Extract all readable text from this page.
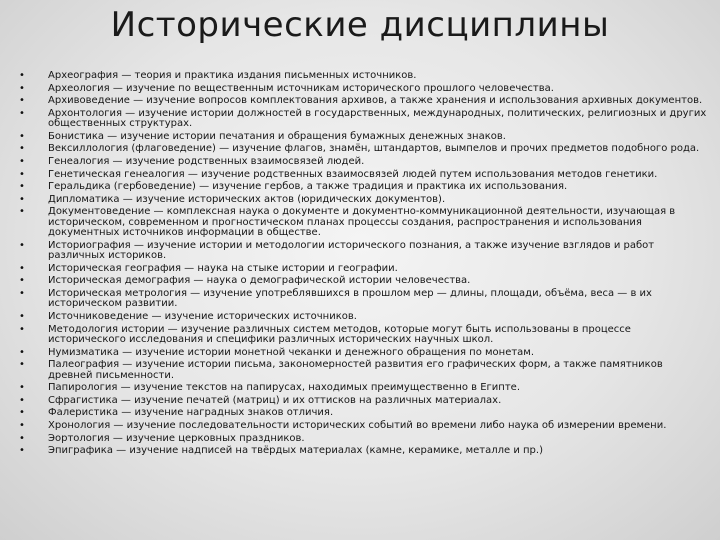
Исторические дисциплины
•	Археография — теория и практика издания письменных источников.
•	Археология — изучение по вещественным источникам исторического прошлого человечества.
•	Архивоведение — изучение вопросов комплектования архивов, а также хранения и использования архивных документов.
•	Архонтология — изучение истории должностей в государственных, международных, политических, религиозных и других общественных структурах.
•	Бонистика — изучение истории печатания и обращения бумажных денежных знаков.
•	Вексиллология (флаговедение) — изучение флагов, знамён, штандартов, вымпелов и прочих предметов подобного рода.
•	Генеалогия — изучение родственных взаимосвязей людей.
•	Генетическая генеалогия — изучение родственных взаимосвязей людей путем использования методов генетики.
•	Геральдика (гербоведение) — изучение гербов, а также традиция и практика их использования.
•	Дипломатика — изучение исторических актов (юридических документов).
•	Документоведение — комплексная наука о документе и документно-коммуникационной деятельности, изучающая в историческом, современном и прогностическом планах процессы создания, распространения и использования документных источников информации в обществе.
•	Историография — изучение истории и методологии исторического познания, а также изучение взглядов и работ различных историков.
•	Историческая география — наука на стыке истории и географии.
•	Историческая демография — наука о демографической истории человечества.
•	Историческая метрология — изучение употреблявшихся в прошлом мер — длины, площади, объёма, веса — в их историческом развитии.
•	Источниковедение — изучение исторических источников.
•	Методология истории — изучение различных систем методов, которые могут быть использованы в процессе исторического исследования и специфики различных исторических научных школ.
•	Нумизматика — изучение истории монетной чеканки и денежного обращения по монетам.
•	Палеография — изучение истории письма, закономерностей развития его графических форм, а также памятников древней письменности.
•	Папирология — изучение текстов на папирусах, находимых преимущественно в Египте.
•	Сфрагистика — изучение печатей (матриц) и их оттисков на различных материалах.
•	Фалеристика — изучение наградных знаков отличия.
•	Хронология — изучение последовательности исторических событий во времени либо наука об измерении времени.
•	Эортология — изучение церковных праздников.
•	Эпиграфика — изучение надписей на твёрдых материалах (камне, керамике, металле и пр.)
